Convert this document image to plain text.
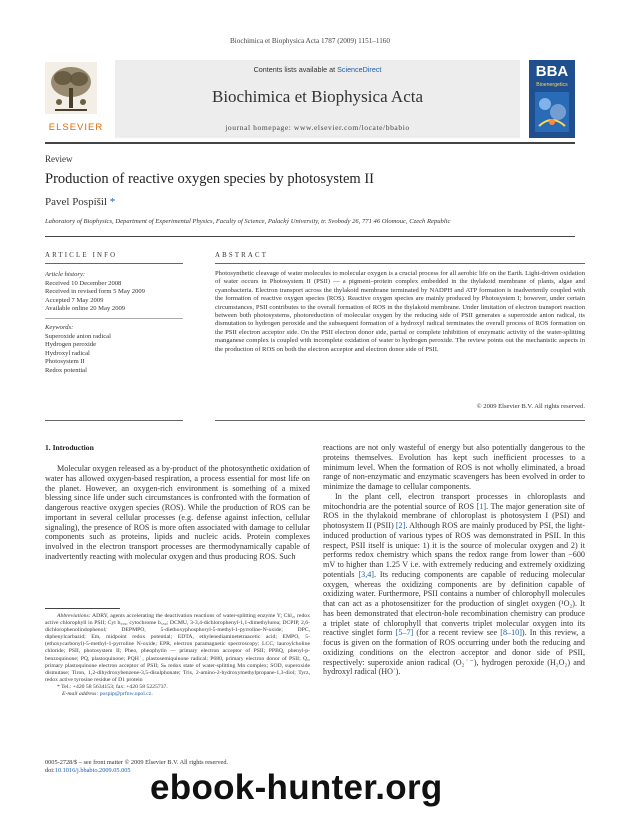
Biochimica et Biophysica Acta 1787 (2009) 1151–1160
ELSEVIER
Contents lists available at ScienceDirect
Biochimica et Biophysica Acta
journal homepage: www.elsevier.com/locate/bbabio
BBA
Bioenergetics
Review
Production of reactive oxygen species by photosystem II
Pavel Pospíšil *
Laboratory of Biophysics, Department of Experimental Physics, Faculty of Science, Palacký University, tr. Svobody 26, 771 46 Olomouc, Czech Republic
ARTICLE INFO	ABSTRACT
Article history:
Received 10 December 2008
Received in revised form 5 May 2009
Accepted 7 May 2009
Available online 20 May 2009
Keywords:
Superoxide anion radical
Hydrogen peroxide
Hydroxyl radical
Photosystem II
Redox potential
Photosynthetic cleavage of water molecules to molecular oxygen is a crucial process for all aerobic life on the Earth. Light-driven oxidation of water occurs in Photosystem II (PSII) — a pigment–protein complex embedded in the thylakoid membrane of plants, algae and cyanobacteria. Electron transport across the thylakoid membrane terminated by NADPH and ATP formation is inadvertently coupled with the formation of reactive oxygen species (ROS). Reactive oxygen species are mainly produced by Photosystem I; however, under certain circumstances, PSII contributes to the overall formation of ROS in the thylakoid membrane. Under limitation of electron transport reaction between both photosystems, photoreduction of molecular oxygen by the reducing side of PSII generates a superoxide anion radical, its dismutation to hydrogen peroxide and the subsequent formation of a hydroxyl radical terminates the overall process of ROS formation on the PSII electron acceptor side. On the PSII electron donor side, partial or complete inhibition of enzymatic activity of the water-splitting manganese complex is coupled with incomplete oxidation of water to hydrogen peroxide. The review points out the mechanistic aspects in the production of ROS on both the electron acceptor and electron donor side of PSII.
© 2009 Elsevier B.V. All rights reserved.
1. Introduction

Molecular oxygen released as a by-product of the photosynthetic oxidation of water has allowed oxygen-based respiration, a process essential for most life on the planet. However, an oxygen-rich environment is something of a mixed blessing since life under such circumstances is confronted with the formation of dangerous reactive oxygen species (ROS). While the production of ROS can be important in several cellular processes (e.g. defense against infection, cellular signaling), the presence of ROS is more often associated with damage to cellular components such as proteins, lipids and nucleic acids. Protein complexes involved in the electron transport processes are thermodynamically capable of inadvertently reacting with molecular oxygen and thus producing ROS. Such

Abbreviations: ADRY, agents accelerating the deactivation reactions of water-splitting enzyme Y; Chl₂, redox active chlorophyll in PSII; Cyt b₅₅₉, cytochrome b₅₅₉; DCMU, 3-3,4-dichlorophenyl-1,1-dimethylurea; DCPIP, 2,6-dichlorophenolindophenol; DEPMPO, 5-diethoxyphosphoryl-5-methyl-1-pyrroline-N-oxide; DPC, diphenylcarbazid; Em, midpoint redox potential; EDTA, ethylenediaminetetraacetic acid; EMPO, 5-(ethoxycarbonyl)-5-methyl-1-pyrroline N-oxide; EPR, electron paramagnetic spectroscopy; LCC, lauroylcholine chloride; PSII, photosystem II; Pheo, pheophytin — primary electron acceptor of PSII; PPBQ, phenyl-p-benzoquinone; PQ, plastoquinone; PQH˙, plastosemiquinone radical; P680, primary electron donor of PSII; Qₐ, primary plastoquinone electron acceptor of PSII; Sₙ redox state of water-splitting Mn complex; SOD, superoxide dismutase; Tiron, 1,2-dihydroxybenzene-3,5-disulphonate; Tris, 2-amino-2-hydroxymethylpropane-1,3-diol; Tyrz, redox active tyrosine residue of D1 protein

* Tel.: +420 58 5634153; fax: +420 58 5225737.

E-mail address: pospip@prfnw.upol.cz.

reactions are not only wasteful of energy but also potentially dangerous to the proteins themselves. Evolution has kept such inefficient processes to a minimum level. When the formation of ROS is not wholly eliminated, a broad range of non-enzymatic and enzymatic scavengers has been evolved in order to minimize the damage to cellular components.

In the plant cell, electron transport processes in chloroplasts and mitochondria are the potential source of ROS [1]. The major generation site of ROS in the thylakoid membrane of chloroplast is photosystem I (PSI) and photosystem II (PSII) [2]. Although ROS are mainly produced by PSI, the light-induced production of various types of ROS was demonstrated in PSII. In this respect, PSII itself is unique: 1) it is the source of molecular oxygen and 2) it performs redox chemistry which spans the redox range from lower than −600 mV to higher than 1.25 V i.e. with extremely reducing and extremely oxidizing potentials [3,4]. Its reducing components are capable of reducing molecular oxygen, whereas the oxidizing components are by definition capable of oxidizing water. Furthermore, PSII contains a number of chlorophyll molecules that can act as a photosensitizer for the production of singlet oxygen (¹O₂). It has been demonstrated that electron-hole recombination chemistry can produce a triplet state of chlorophyll that converts triplet molecular oxygen into its reactive singlet form [5–7] (for a recent review see [8–10]). In this review, a focus is given on the formation of ROS occurring under both the reducing and oxidizing conditions on the electron acceptor and donor side of PSII, respectively: superoxide anion radical (O₂˙⁻), hydrogen peroxide (H₂O₂) and hydroxyl radical (HO˙).

0005-2728/$ – see front matter © 2009 Elsevier B.V. All rights reserved.
doi:10.1016/j.bbabio.2009.05.005 ebook-hunter.org
